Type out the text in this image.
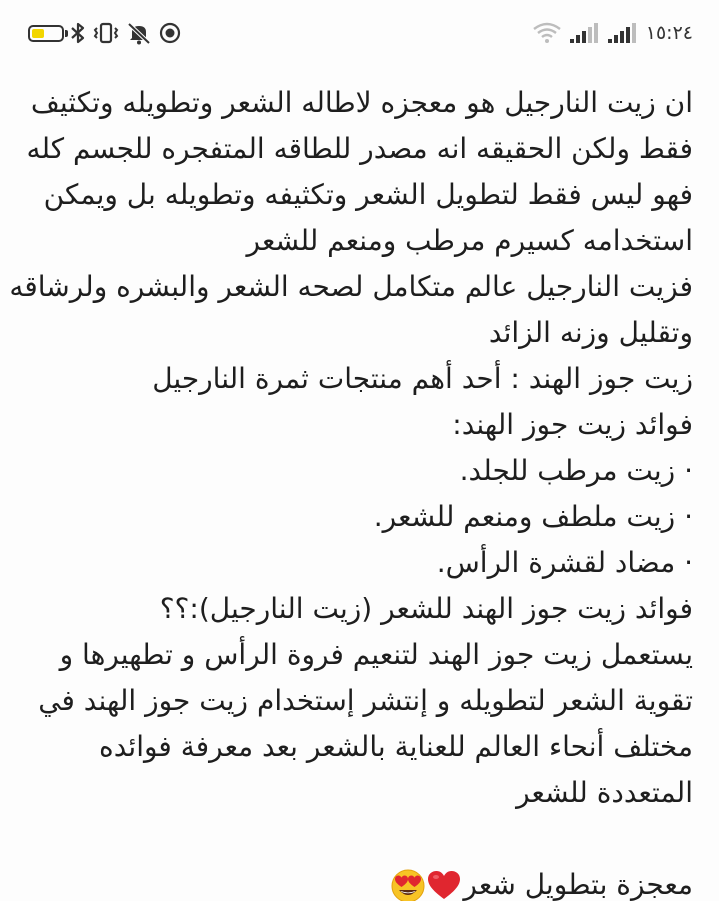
١٥:٢٤
ان زيت النارجيل هو معجزه لاطاله الشعر وتطويله وتكثيف
فقط ولكن الحقيقه انه مصدر للطاقه المتفجره للجسم كله
فهو ليس فقط لتطويل الشعر وتكثيفه وتطويله بل ويمكن
استخدامه كسيرم مرطب ومنعم للشعر
فزيت النارجيل عالم متكامل لصحه الشعر والبشره ولرشاقه
وتقليل وزنه الزائد
زيت جوز الهند : أحد أهم منتجات ثمرة النارجيل
فوائد زيت جوز الهند:
· زيت مرطب للجلد.
· زيت ملطف ومنعم للشعر.
· مضاد لقشرة الرأس.
فوائد زيت جوز الهند للشعر (زيت النارجيل):؟؟
يستعمل زيت جوز الهند لتنعيم فروة الرأس و تطهيرها و
تقوية الشعر لتطويله و إنتشر إستخدام زيت جوز الهند في
مختلف أنحاء العالم للعناية بالشعر بعد معرفة فوائده
المتعددة للشعر
معجزة بتطويل شعر
